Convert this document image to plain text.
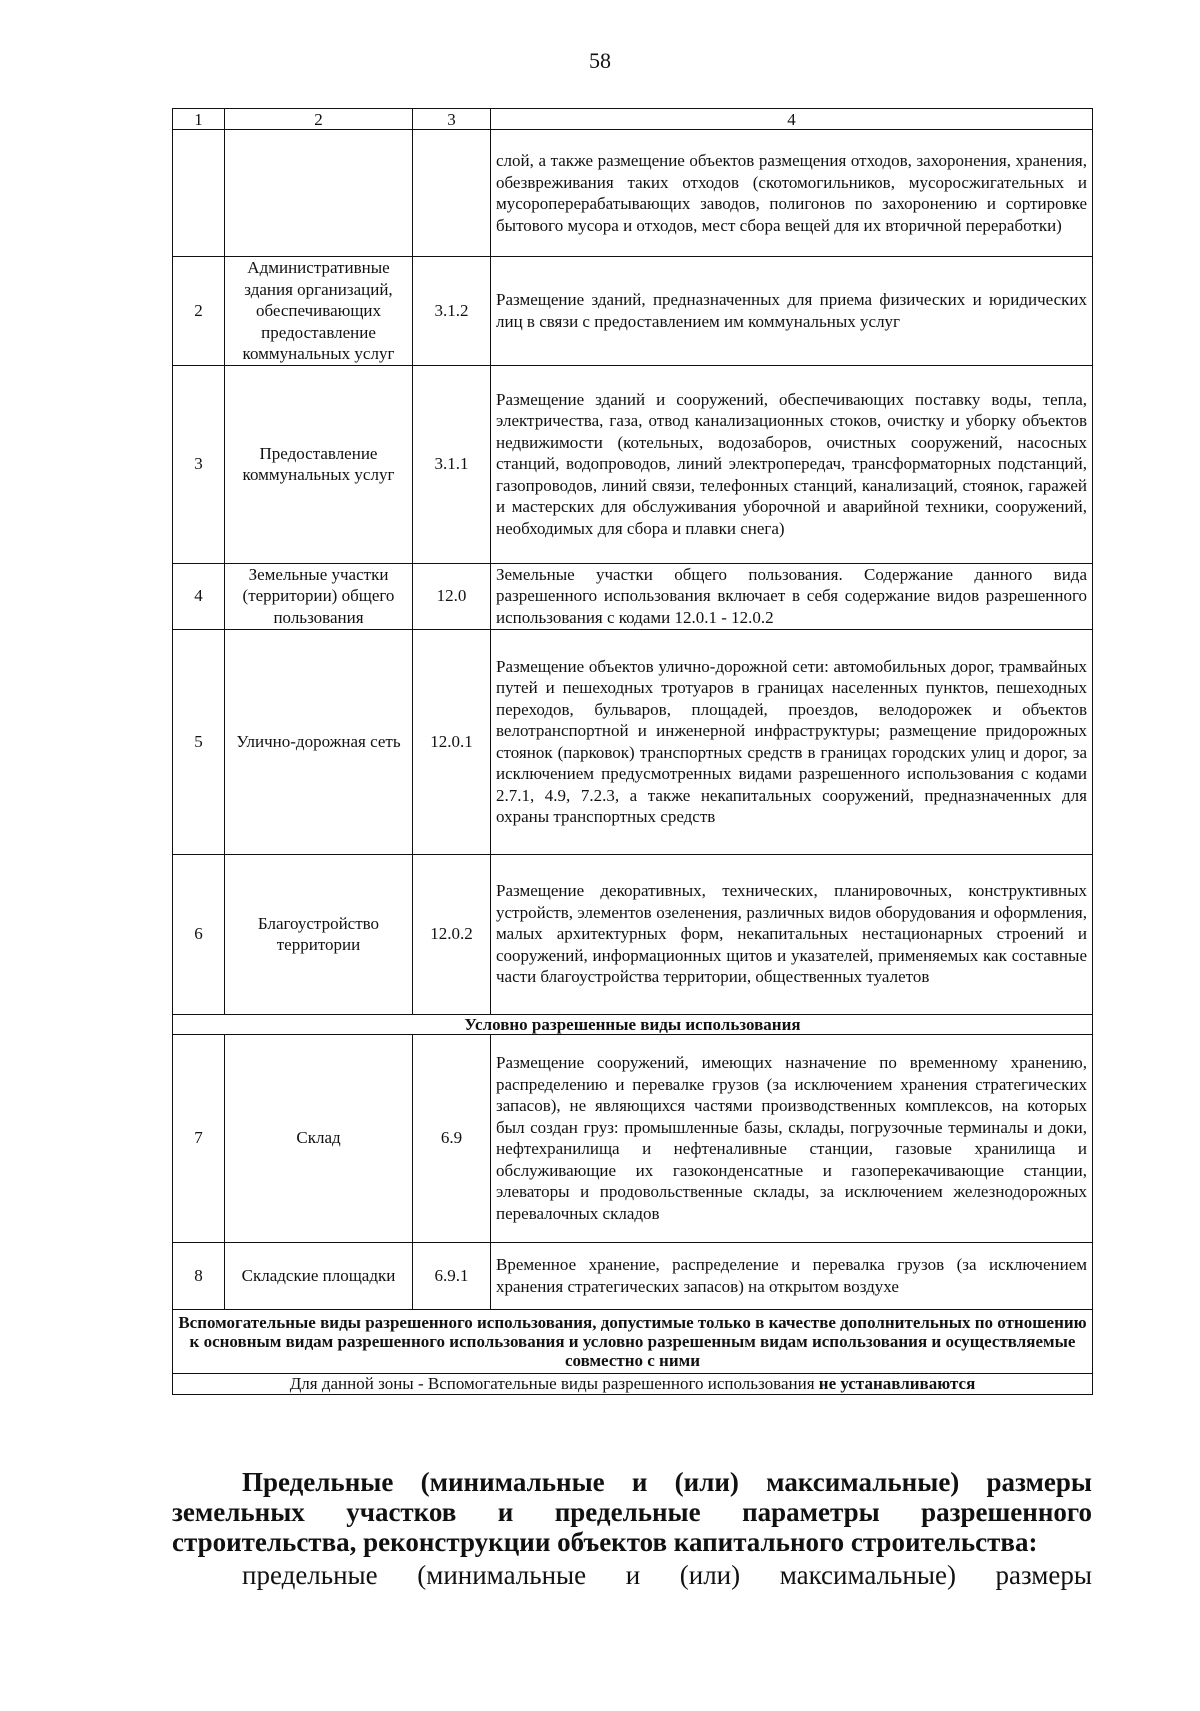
58
1	2	3	4
			слой, а также размещение объектов размещения отходов, захоронения, хранения, обезвреживания таких отходов (скотомогильников, мусоросжигательных и мусороперерабатывающих заводов, полигонов по захоронению и сортировке бытового мусора и отходов, мест сбора вещей для их вторичной переработки)
2	Административные здания организаций, обеспечивающих предоставление коммунальных услуг	3.1.2	Размещение зданий, предназначенных для приема физических и юридических лиц в связи с предоставлением им коммунальных услуг
3	Предоставление коммунальных услуг	3.1.1	Размещение зданий и сооружений, обеспечивающих поставку воды, тепла, электричества, газа, отвод канализационных стоков, очистку и уборку объектов недвижимости (котельных, водозаборов, очистных сооружений, насосных станций, водопроводов, линий электропередач, трансформаторных подстанций, газопроводов, линий связи, телефонных станций, канализаций, стоянок, гаражей и мастерских для обслуживания уборочной и аварийной техники, сооружений, необходимых для сбора и плавки снега)
4	Земельные участки (территории) общего пользования	12.0	Земельные участки общего пользования. Содержание данного вида разрешенного использования включает в себя содержание видов разрешенного использования с кодами 12.0.1 - 12.0.2
5	Улично-дорожная сеть	12.0.1	Размещение объектов улично-дорожной сети: автомобильных дорог, трамвайных путей и пешеходных тротуаров в границах населенных пунктов, пешеходных переходов, бульваров, площадей, проездов, велодорожек и объектов велотранспортной и инженерной инфраструктуры; размещение придорожных стоянок (парковок) транспортных средств в границах городских улиц и дорог, за исключением предусмотренных видами разрешенного использования с кодами 2.7.1, 4.9, 7.2.3, а также некапитальных сооружений, предназначенных для охраны транспортных средств
6	Благоустройство территории	12.0.2	Размещение декоративных, технических, планировочных, конструктивных устройств, элементов озеленения, различных видов оборудования и оформления, малых архитектурных форм, некапитальных нестационарных строений и сооружений, информационных щитов и указателей, применяемых как составные части благоустройства территории, общественных туалетов
Условно разрешенные виды использования			
7	Склад	6.9	Размещение сооружений, имеющих назначение по временному хранению, распределению и перевалке грузов (за исключением хранения стратегических запасов), не являющихся частями производственных комплексов, на которых был создан груз: промышленные базы, склады, погрузочные терминалы и доки, нефтехранилища и нефтеналивные станции, газовые хранилища и обслуживающие их газоконденсатные и газоперекачивающие станции, элеваторы и продовольственные склады, за исключением железнодорожных перевалочных складов
8	Складские площадки	6.9.1	Временное хранение, распределение и перевалка грузов (за исключением хранения стратегических запасов) на открытом воздухе
Вспомогательные виды разрешенного использования, допустимые только в качестве дополнительных по отношению к основным видам разрешенного использования и условно разрешенным видам использования и осуществляемые совместно с ними			
Для данной зоны - Вспомогательные виды разрешенного использования не устанавливаются			
Предельные (минимальные и (или) максимальные) размеры
земельных участков и предельные параметры разрешенного
строительства, реконструкции объектов капитального строительства:
предельные (минимальные и (или) максимальные) размеры
